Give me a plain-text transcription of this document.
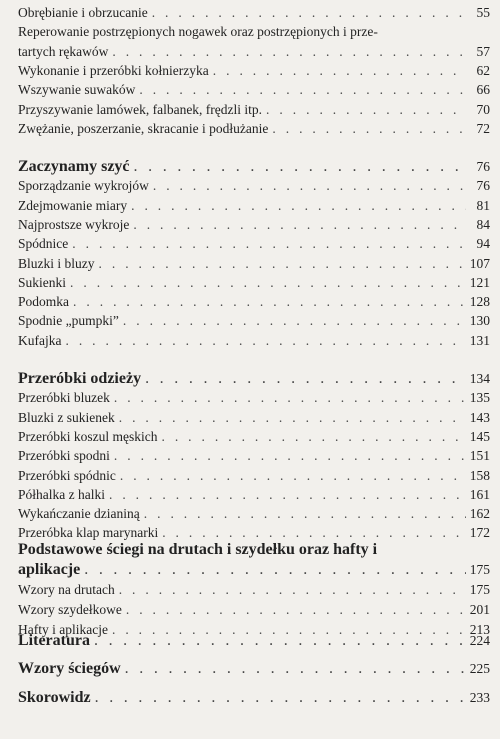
Obrębianie i obrzucanie . . .	55
Reperowanie postrzępionych nogawek oraz postrzępionych i prze-
tartych rękawów . . .	57
Wykonanie i przeróbki kołnierzyka . . .	62
Wszywanie suwaków . . .	66
Przyszywanie lamówek, falbanek, frędzli itp. . . .	70
Zwężanie, poszerzanie, skracanie i podłużanie . . .	72
Zaczynamy szyć . . .	76
Sporządzanie wykrojów . . .	76
Zdejmowanie miary . . .	81
Najprostsze wykroje . . .	84
Spódnice . . .	94
Bluzki i bluzy . . .	107
Sukienki . . .	121
Podomka . . .	128
Spodnie „pumpki” . . .	130
Kufajka . . .	131
Przeróbki odzieży . . .	134
Przeróbki bluzek . . .	135
Bluzki z sukienek . . .	143
Przeróbki koszul męskich . . .	145
Przeróbki spodni . . .	151
Przeróbki spódnic . . .	158
Półhalka z halki . . .	161
Wykańczanie dzianiną . . .	162
Przeróbka klap marynarki . . .	172
Podstawowe ściegi na drutach i szydełku oraz hafty i
aplikacje . . .	175
Wzory na drutach . . .	175
Wzory szydełkowe . . .	201
Hafty i aplikacje . . .	213
Literatura . . .	224
Wzory ściegów . . .	225
Skorowidz . . .	233
